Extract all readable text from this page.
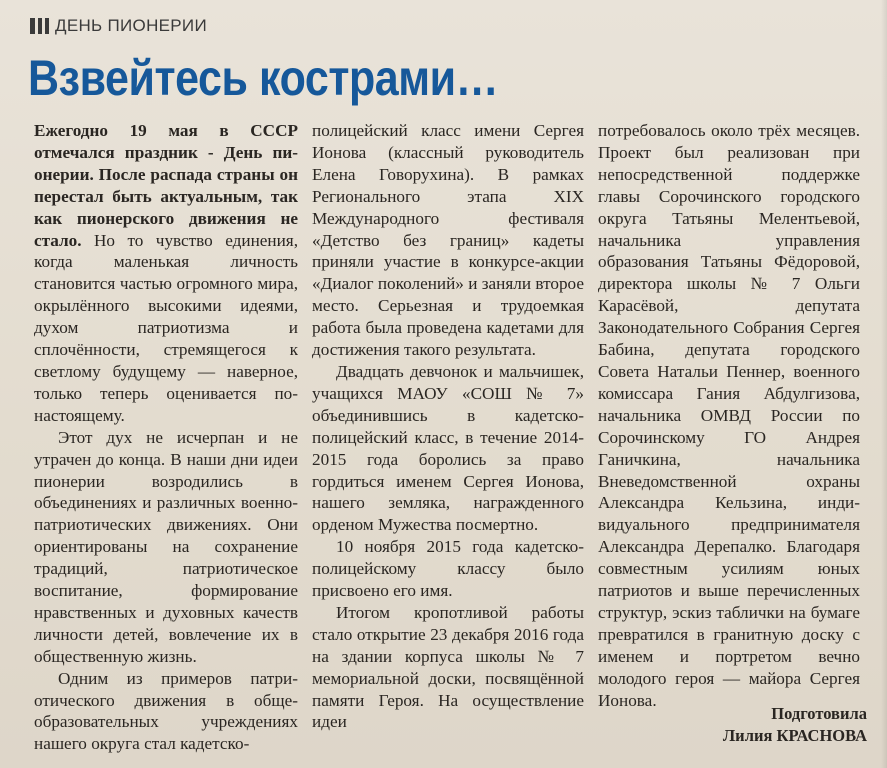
ДЕНЬ ПИОНЕРИИ
Взвейтесь кострами…

Ежегодно 19 мая в СССР отмечался праздник - День пионерии. После распада страны он перестал быть актуальным, так как пионерского движения не стало. Но то чувство единения, когда маленькая личность становится частью огромного мира, окрылённого высокими идеями, духом патриотизма и сплочённости, стремящегося к светлому будущему — наверное, только теперь оценивается по-настоящему.

Этот дух не исчерпан и не утрачен до конца. В наши дни идеи пионерии возродились в объединениях и различных военно-патриотических движениях. Они ориентированы на сохранение традиций, патриотическое воспитание, формирование нравственных и духовных качеств личности детей, вовлечение их в общественную жизнь.

Одним из примеров патриотического движения в общеобразовательных учреждениях нашего округа стал кадетско-

полицейский класс имени Сергея Ионова (классный руководитель Елена Говорухина). В рамках Регионального этапа XIX Международного фестиваля «Детство без границ» кадеты приняли участие в конкурсе-акции «Диалог поколений» и заняли второе место. Серьезная и трудоемкая работа была проведена кадетами для достижения такого результата.

Двадцать девчонок и мальчишек, учащихся МАОУ «СОШ № 7» объединившись в кадетско-полицейский класс, в течение 2014-2015 года боролись за право гордиться именем Сергея Ионова, нашего земляка, награжденного орденом Мужества посмертно.

10 ноября 2015 года кадетско-полицейскому классу было присвоено его имя.

Итогом кропотливой работы стало открытие 23 декабря 2016 года на здании корпуса школы № 7 мемориальной доски, посвящённой памяти Героя. На осуществление идеи

потребовалось около трёх месяцев. Проект был реализован при непосредственной поддержке главы Сорочинского городского округа Татьяны Мелентьевой, начальника управления образования Татьяны Фёдоровой, директора школы № 7 Ольги Карасёвой, депутата Законодательного Собрания Сергея Бабина, депутата городского Совета Натальи Пеннер, военного комиссара Гания Абдулгизова, начальника ОМВД России по Сорочинскому ГО Андрея Ганичкина, начальника Вневедомственной охраны Александра Кельзина, индивидуального предпринимателя Александра Дерепалко. Благодаря совместным усилиям юных патриотов и выше перечисленных структур, эскиз таблички на бумаге превратился в гранитную доску с именем и портретом вечно молодого героя — майора Сергея Ионова.

Подготовила
Лилия КРАСНОВА
